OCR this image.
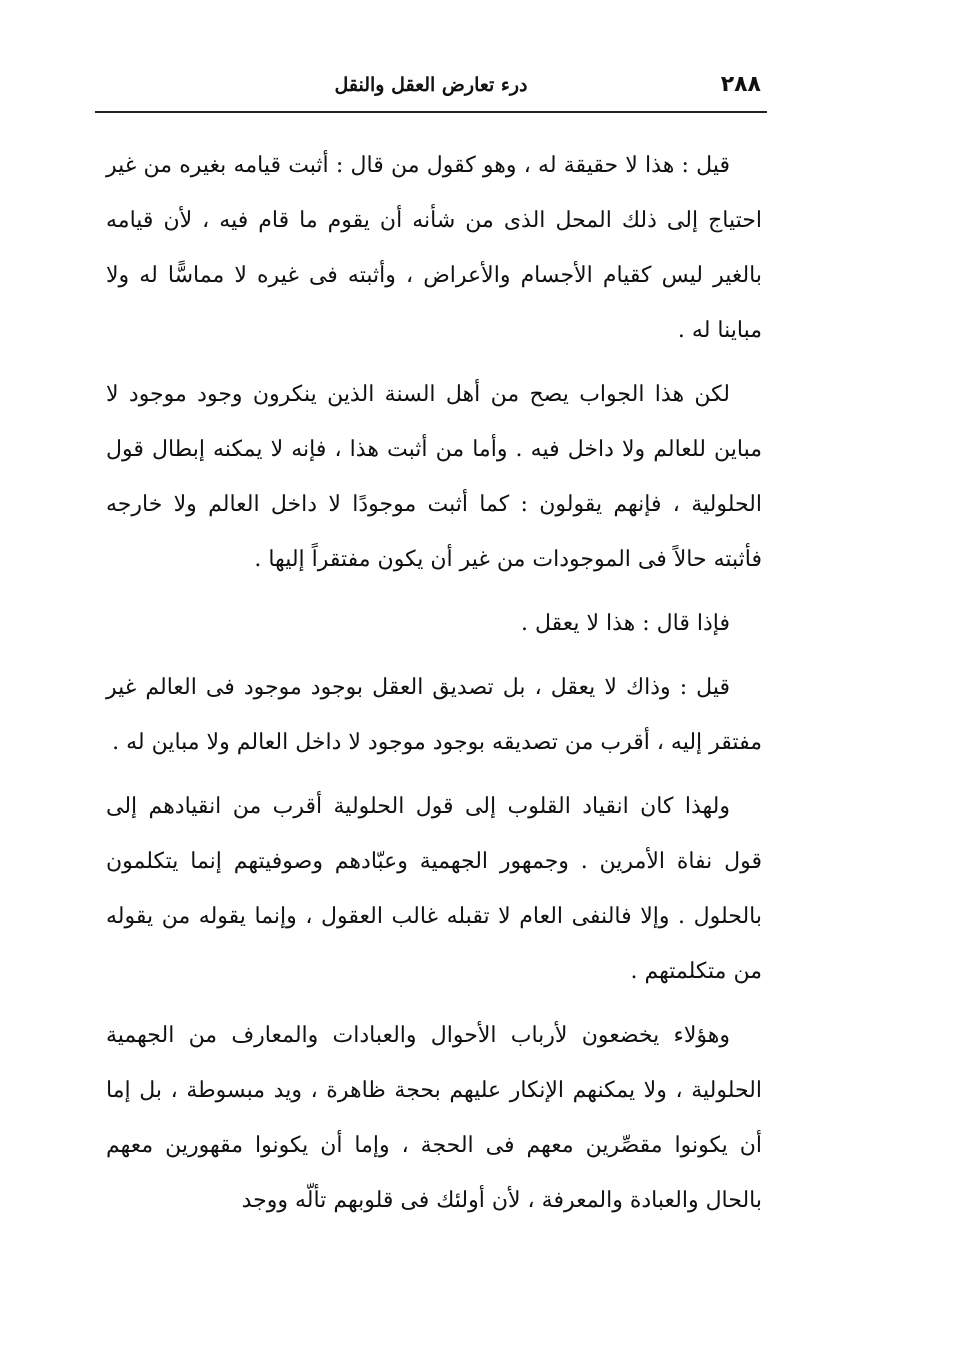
٢٨٨
درء تعارض العقل والنقل

قيل : هذا لا حقيقة له ، وهو كقول من قال : أثبت قيامه بغيره من غير احتياج إلى ذلك المحل الذى من شأنه أن يقوم ما قام فيه ، لأن قيامه بالغير ليس كقيام الأجسام والأعراض ، وأثبته فى غيره لا مماسًّا له ولا مباينا له .

لكن هذا الجواب يصح من أهل السنة الذين ينكرون وجود موجود لا مباين للعالم ولا داخل فيه . وأما من أثبت هذا ، فإنه لا يمكنه إبطال قول الحلولية ، فإنهم يقولون : كما أثبت موجودًا لا داخل العالم ولا خارجه فأثبته حالاً فى الموجودات من غير أن يكون مفتقراً إليها .

فإذا قال : هذا لا يعقل .

قيل : وذاك لا يعقل ، بل تصديق العقل بوجود موجود فى العالم غير مفتقر إليه ، أقرب من تصديقه بوجود موجود لا داخل العالم ولا مباين له .

ولهذا كان انقياد القلوب إلى قول الحلولية أقرب من انقيادهم إلى قول نفاة الأمرين . وجمهور الجهمية وعبّادهم وصوفيتهم إنما يتكلمون بالحلول . وإلا فالنفى العام لا تقبله غالب العقول ، وإنما يقوله من يقوله من متكلمتهم .

وهؤلاء يخضعون لأرباب الأحوال والعبادات والمعارف من الجهمية الحلولية ، ولا يمكنهم الإنكار عليهم بحجة ظاهرة ، ويد مبسوطة ، بل إما أن يكونوا مقصِّرين معهم فى الحجة ، وإما أن يكونوا مقهورين معهم بالحال والعبادة والمعرفة ، لأن أولئك فى قلوبهم تألّه ووجد
